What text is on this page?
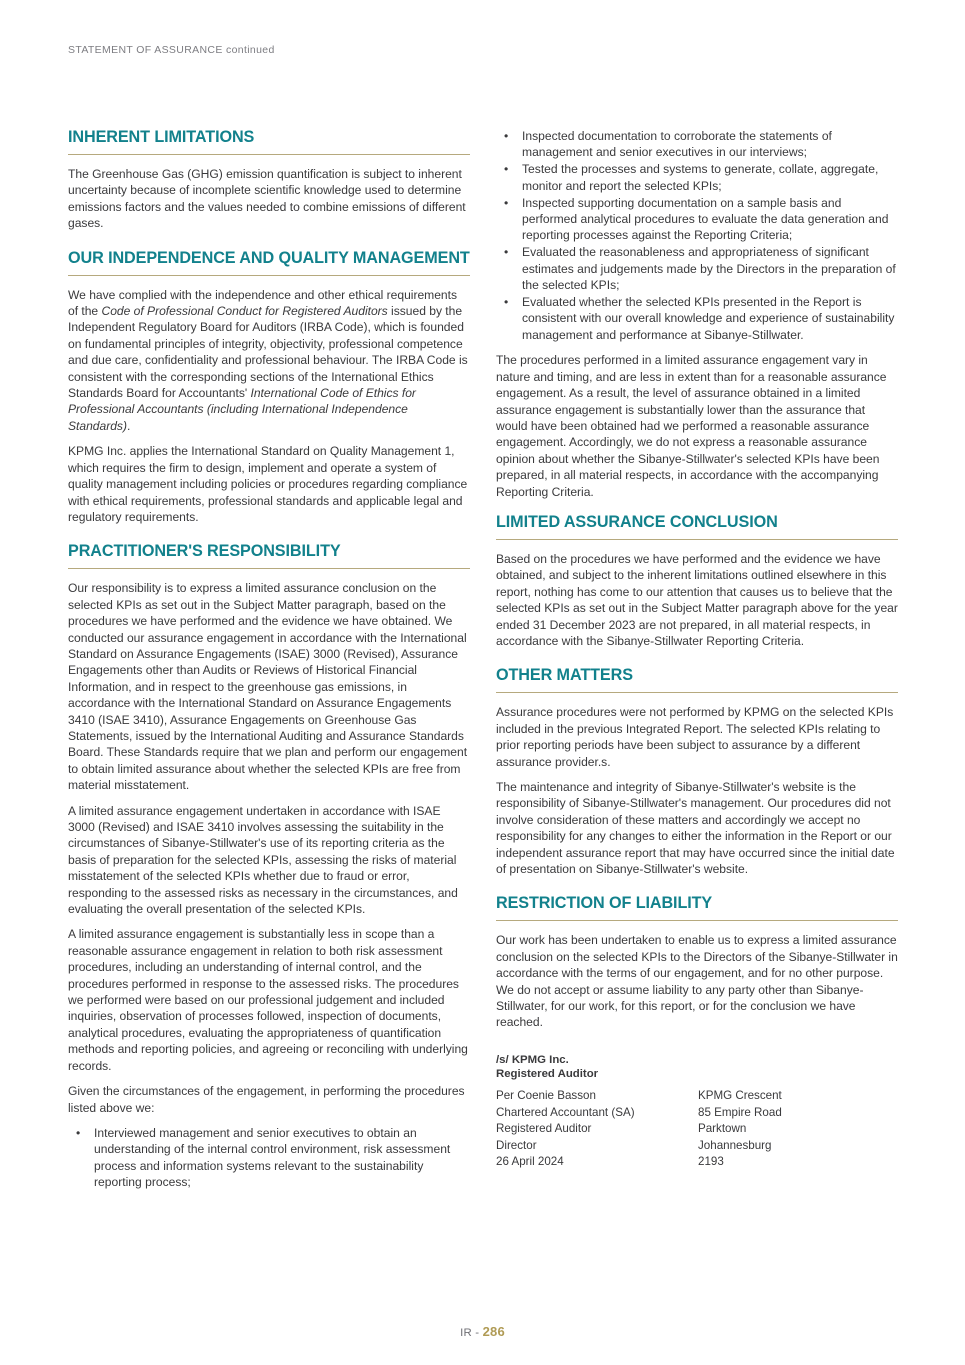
STATEMENT OF ASSURANCE continued
INHERENT LIMITATIONS

The Greenhouse Gas (GHG) emission quantification is subject to inherent uncertainty because of incomplete scientific knowledge used to determine emissions factors and the values needed to combine emissions of different gases.

OUR INDEPENDENCE AND QUALITY MANAGEMENT

We have complied with the independence and other ethical requirements of the Code of Professional Conduct for Registered Auditors issued by the Independent Regulatory Board for Auditors (IRBA Code), which is founded on fundamental principles of integrity, objectivity, professional competence and due care, confidentiality and professional behaviour. The IRBA Code is consistent with the corresponding sections of the International Ethics Standards Board for Accountants' International Code of Ethics for Professional Accountants (including International Independence Standards).

KPMG Inc. applies the International Standard on Quality Management 1, which requires the firm to design, implement and operate a system of quality management including policies or procedures regarding compliance with ethical requirements, professional standards and applicable legal and regulatory requirements.

PRACTITIONER'S RESPONSIBILITY

Our responsibility is to express a limited assurance conclusion on the selected KPIs as set out in the Subject Matter paragraph, based on the procedures we have performed and the evidence we have obtained. We conducted our assurance engagement in accordance with the International Standard on Assurance Engagements (ISAE) 3000 (Revised), Assurance Engagements other than Audits or Reviews of Historical Financial Information, and in respect to the greenhouse gas emissions, in accordance with the International Standard on Assurance Engagements 3410 (ISAE 3410), Assurance Engagements on Greenhouse Gas Statements, issued by the International Auditing and Assurance Standards Board. These Standards require that we plan and perform our engagement to obtain limited assurance about whether the selected KPIs are free from material misstatement.

A limited assurance engagement undertaken in accordance with ISAE 3000 (Revised) and ISAE 3410 involves assessing the suitability in the circumstances of Sibanye-Stillwater's use of its reporting criteria as the basis of preparation for the selected KPIs, assessing the risks of material misstatement of the selected KPIs whether due to fraud or error, responding to the assessed risks as necessary in the circumstances, and evaluating the overall presentation of the selected KPIs.

A limited assurance engagement is substantially less in scope than a reasonable assurance engagement in relation to both risk assessment procedures, including an understanding of internal control, and the procedures performed in response to the assessed risks. The procedures we performed were based on our professional judgement and included inquiries, observation of processes followed, inspection of documents, analytical procedures, evaluating the appropriateness of quantification methods and reporting policies, and agreeing or reconciling with underlying records.

Given the circumstances of the engagement, in performing the procedures listed above we:

• Interviewed management and senior executives to obtain an understanding of the internal control environment, risk assessment process and information systems relevant to the sustainability reporting process;
• Inspected documentation to corroborate the statements of management and senior executives in our interviews;
• Tested the processes and systems to generate, collate, aggregate, monitor and report the selected KPIs;
• Inspected supporting documentation on a sample basis and performed analytical procedures to evaluate the data generation and reporting processes against the Reporting Criteria;
• Evaluated the reasonableness and appropriateness of significant estimates and judgements made by the Directors in the preparation of the selected KPIs;
• Evaluated whether the selected KPIs presented in the Report is consistent with our overall knowledge and experience of sustainability management and performance at Sibanye-Stillwater.

The procedures performed in a limited assurance engagement vary in nature and timing, and are less in extent than for a reasonable assurance engagement. As a result, the level of assurance obtained in a limited assurance engagement is substantially lower than the assurance that would have been obtained had we performed a reasonable assurance engagement. Accordingly, we do not express a reasonable assurance opinion about whether the Sibanye-Stillwater's selected KPIs have been prepared, in all material respects, in accordance with the accompanying Reporting Criteria.

LIMITED ASSURANCE CONCLUSION

Based on the procedures we have performed and the evidence we have obtained, and subject to the inherent limitations outlined elsewhere in this report, nothing has come to our attention that causes us to believe that the selected KPIs as set out in the Subject Matter paragraph above for the year ended 31 December 2023 are not prepared, in all material respects, in accordance with the Sibanye-Stillwater Reporting Criteria.

OTHER MATTERS

Assurance procedures were not performed by KPMG on the selected KPIs included in the previous Integrated Report. The selected KPIs relating to prior reporting periods have been subject to assurance by a different assurance provider.s.

The maintenance and integrity of Sibanye-Stillwater's website is the responsibility of Sibanye-Stillwater's management. Our procedures did not involve consideration of these matters and accordingly we accept no responsibility for any changes to either the information in the Report or our independent assurance report that may have occurred since the initial date of presentation on Sibanye-Stillwater's website.

RESTRICTION OF LIABILITY

Our work has been undertaken to enable us to express a limited assurance conclusion on the selected KPIs to the Directors of the Sibanye-Stillwater in accordance with the terms of our engagement, and for no other purpose. We do not accept or assume liability to any party other than Sibanye-Stillwater, for our work, for this report, or for the conclusion we have reached.

/s/ KPMG Inc.

Registered Auditor

Per Coenie Basson	KPMG Crescent
Chartered Accountant (SA)	85 Empire Road
Registered Auditor	Parktown
Director	Johannesburg
26 April 2024	2193
IR - 286
